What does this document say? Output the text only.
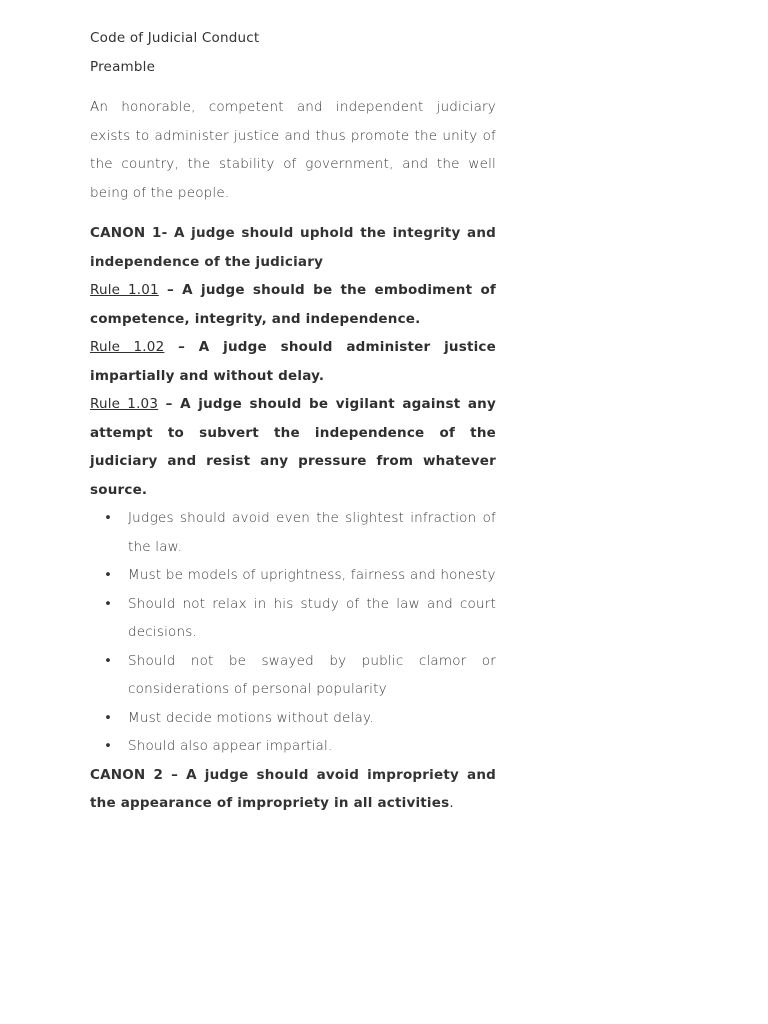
Code of Judicial Conduct
Preamble

An honorable, competent and independent judiciary exists to administer justice and thus promote the unity of the country, the stability of government, and the well being of the people.

CANON 1- A judge should uphold the integrity and independence of the judiciary

Rule 1.01 – A judge should be the embodiment of competence, integrity, and independence.

Rule 1.02 – A judge should administer justice impartially and without delay.

Rule 1.03 – A judge should be vigilant against any attempt to subvert the independence of the judiciary and resist any pressure from whatever source.

• Judges should avoid even the slightest infraction of the law.
• Must be models of uprightness, fairness and honesty
• Should not relax in his study of the law and court decisions.
• Should not be swayed by public clamor or considerations of personal popularity
• Must decide motions without delay.
• Should also appear impartial.

CANON 2 – A judge should avoid impropriety and the appearance of impropriety in all activities.
